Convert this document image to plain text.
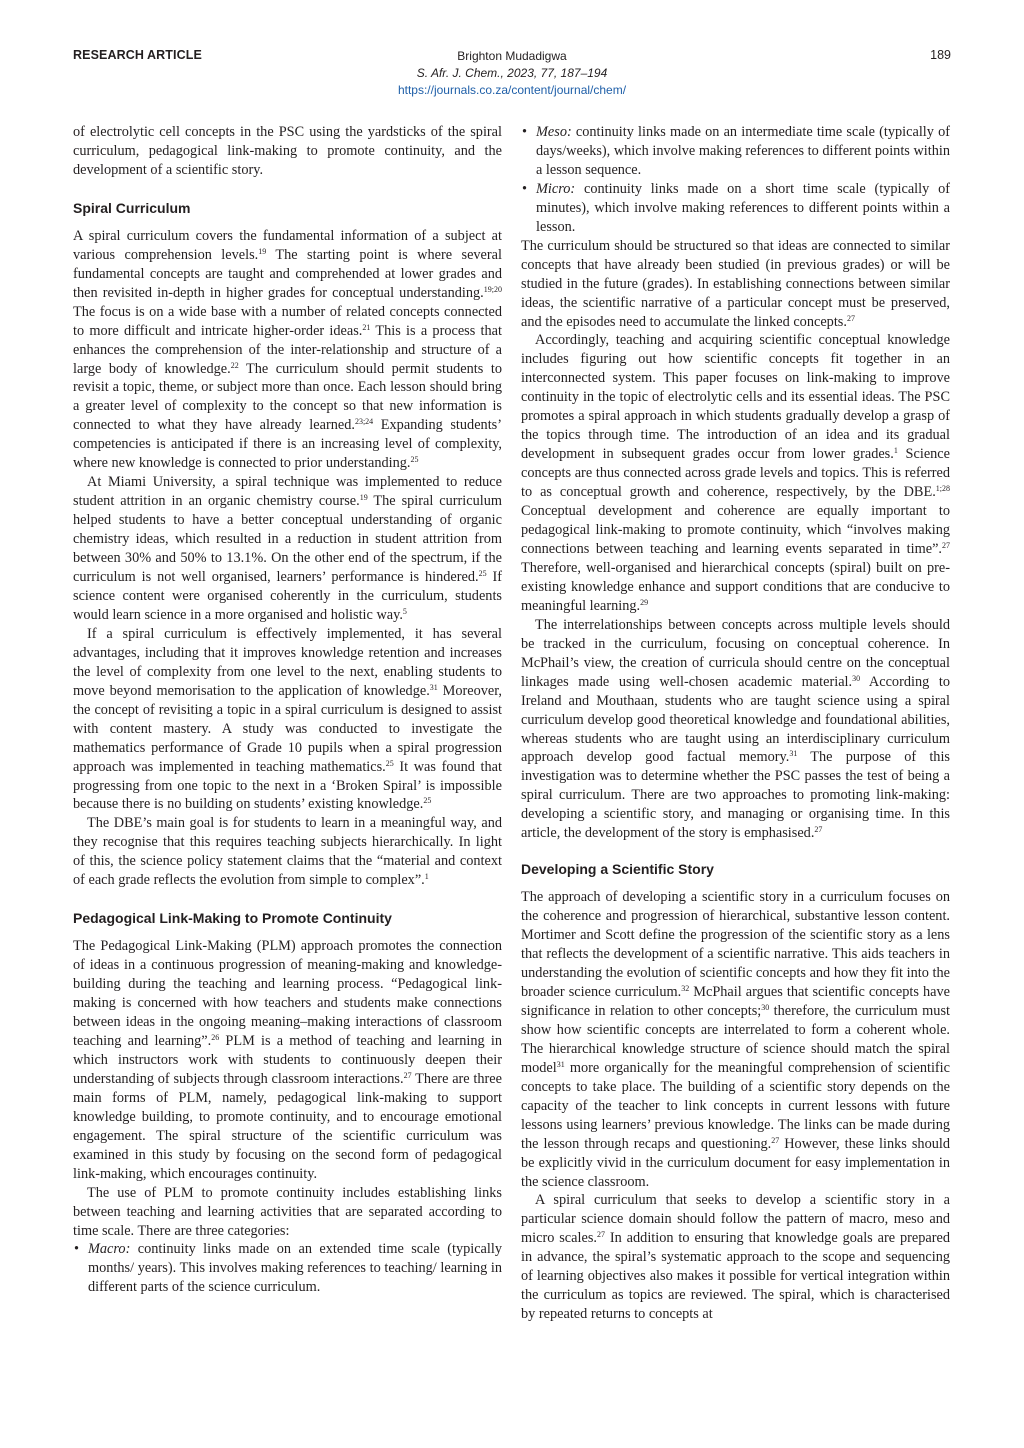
RESEARCH ARTICLE	Brighton Mudadigwa
S. Afr. J. Chem., 2023, 77, 187–194
https://journals.co.za/content/journal/chem/
189

of electrolytic cell concepts in the PSC using the yardsticks of the spiral curriculum, pedagogical link-making to promote continuity, and the development of a scientific story.

Spiral Curriculum

A spiral curriculum covers the fundamental information of a subject at various comprehension levels.$^{19}$ The starting point is where several fundamental concepts are taught and comprehended at lower grades and then revisited in-depth in higher grades for conceptual understanding.$^{19;20}$ The focus is on a wide base with a number of related concepts connected to more difficult and intricate higher-order ideas.$^{21}$ This is a process that enhances the comprehension of the inter-relationship and structure of a large body of knowledge.$^{22}$ The curriculum should permit students to revisit a topic, theme, or subject more than once. Each lesson should bring a greater level of complexity to the concept so that new information is connected to what they have already learned.$^{23;24}$ Expanding students’ competencies is anticipated if there is an increasing level of complexity, where new knowledge is connected to prior understanding.$^{25}$

At Miami University, a spiral technique was implemented to reduce student attrition in an organic chemistry course.$^{19}$ The spiral curriculum helped students to have a better conceptual understanding of organic chemistry ideas, which resulted in a reduction in student attrition from between 30% and 50% to 13.1%. On the other end of the spectrum, if the curriculum is not well organised, learners’ performance is hindered.$^{25}$ If science content were organised coherently in the curriculum, students would learn science in a more organised and holistic way.$^5$

If a spiral curriculum is effectively implemented, it has several advantages, including that it improves knowledge retention and increases the level of complexity from one level to the next, enabling students to move beyond memorisation to the application of knowledge.$^{31}$ Moreover, the concept of revisiting a topic in a spiral curriculum is designed to assist with content mastery. A study was conducted to investigate the mathematics performance of Grade 10 pupils when a spiral progression approach was implemented in teaching mathematics.$^{25}$ It was found that progressing from one topic to the next in a ‘Broken Spiral’ is impossible because there is no building on students’ existing knowledge.$^{25}$

The DBE’s main goal is for students to learn in a meaningful way, and they recognise that this requires teaching subjects hierarchically. In light of this, the science policy statement claims that the “material and context of each grade reflects the evolution from simple to complex”.$^1$

Pedagogical Link-Making to Promote Continuity

The Pedagogical Link-Making (PLM) approach promotes the connection of ideas in a continuous progression of meaning-making and knowledge-building during the teaching and learning process. “Pedagogical link-making is concerned with how teachers and students make connections between ideas in the ongoing meaning–making interactions of classroom teaching and learning”.$^{26}$ PLM is a method of teaching and learning in which instructors work with students to continuously deepen their understanding of subjects through classroom interactions.$^{27}$ There are three main forms of PLM, namely, pedagogical link-making to support knowledge building, to promote continuity, and to encourage emotional engagement. The spiral structure of the scientific curriculum was examined in this study by focusing on the second form of pedagogical link-making, which encourages continuity.

The use of PLM to promote continuity includes establishing links between teaching and learning activities that are separated according to time scale. There are three categories:

• Macro: continuity links made on an extended time scale (typically months/ years). This involves making references to teaching/ learning in different parts of the science curriculum.
• Meso: continuity links made on an intermediate time scale (typically of days/weeks), which involve making references to different points within a lesson sequence.
• Micro: continuity links made on a short time scale (typically of minutes), which involve making references to different points within a lesson.

The curriculum should be structured so that ideas are connected to similar concepts that have already been studied (in previous grades) or will be studied in the future (grades). In establishing connections between similar ideas, the scientific narrative of a particular concept must be preserved, and the episodes need to accumulate the linked concepts.$^{27}$

Accordingly, teaching and acquiring scientific conceptual knowledge includes figuring out how scientific concepts fit together in an interconnected system. This paper focuses on link-making to improve continuity in the topic of electrolytic cells and its essential ideas. The PSC promotes a spiral approach in which students gradually develop a grasp of the topics through time. The introduction of an idea and its gradual development in subsequent grades occur from lower grades.$^1$ Science concepts are thus connected across grade levels and topics. This is referred to as conceptual growth and coherence, respectively, by the DBE.$^{1;28}$ Conceptual development and coherence are equally important to pedagogical link-making to promote continuity, which “involves making connections between teaching and learning events separated in time”.$^{27}$ Therefore, well-organised and hierarchical concepts (spiral) built on pre-existing knowledge enhance and support conditions that are conducive to meaningful learning.$^{29}$

The interrelationships between concepts across multiple levels should be tracked in the curriculum, focusing on conceptual coherence. In McPhail’s view, the creation of curricula should centre on the conceptual linkages made using well-chosen academic material.$^{30}$ According to Ireland and Mouthaan, students who are taught science using a spiral curriculum develop good theoretical knowledge and foundational abilities, whereas students who are taught using an interdisciplinary curriculum approach develop good factual memory.$^{31}$ The purpose of this investigation was to determine whether the PSC passes the test of being a spiral curriculum. There are two approaches to promoting link-making: developing a scientific story, and managing or organising time. In this article, the development of the story is emphasised.$^{27}$

Developing a Scientific Story

The approach of developing a scientific story in a curriculum focuses on the coherence and progression of hierarchical, substantive lesson content. Mortimer and Scott define the progression of the scientific story as a lens that reflects the development of a scientific narrative. This aids teachers in understanding the evolution of scientific concepts and how they fit into the broader science curriculum.$^{32}$ McPhail argues that scientific concepts have significance in relation to other concepts;$^{30}$ therefore, the curriculum must show how scientific concepts are interrelated to form a coherent whole. The hierarchical knowledge structure of science should match the spiral model$^{31}$ more organically for the meaningful comprehension of scientific concepts to take place. The building of a scientific story depends on the capacity of the teacher to link concepts in current lessons with future lessons using learners’ previous knowledge. The links can be made during the lesson through recaps and questioning.$^{27}$ However, these links should be explicitly vivid in the curriculum document for easy implementation in the science classroom.

A spiral curriculum that seeks to develop a scientific story in a particular science domain should follow the pattern of macro, meso and micro scales.$^{27}$ In addition to ensuring that knowledge goals are prepared in advance, the spiral’s systematic approach to the scope and sequencing of learning objectives also makes it possible for vertical integration within the curriculum as topics are reviewed. The spiral, which is characterised by repeated returns to concepts at
